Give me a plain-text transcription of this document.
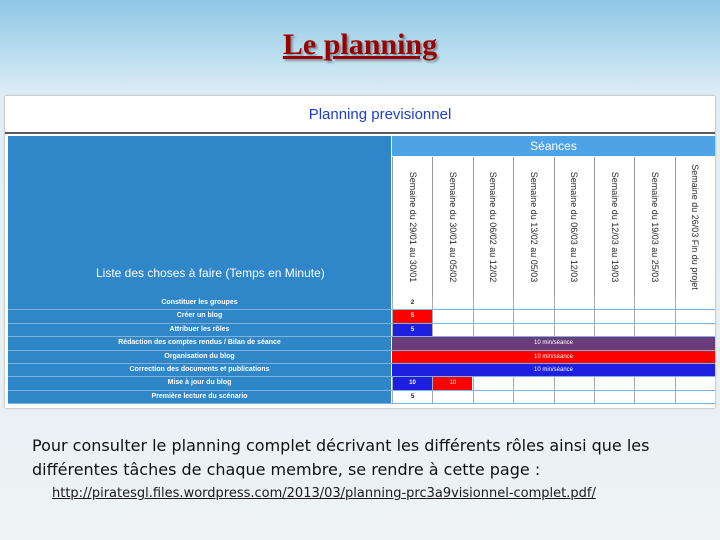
Le planning
Planning previsionnel
Liste des choses à faire (Temps en Minute)
Séances
Semaine du 29/01 au 30/01	Semaine du 30/01 au 05/02	Semaine du 06/02 au 12/02	Semaine du 13/02 au 05/03	Semaine du 06/03 au 12/03	Semaine du 12/03 au 19/03	Semaine du 19/03 au 25/03	Semaine du 26/03 Fin du projet
Constituer les groupes	2
Créer un blog	5
Attribuer les rôles	5
Rédaction des comptes rendus / Bilan de séance	10 min/séance
Organisation du blog	10 min/séance
Correction des documents et publications	10 min/séance
Mise à jour du blog	10	10
Première lecture du scénario	5
Pour consulter le planning complet décrivant les différents rôles ainsi que les différentes tâches de chaque membre, se rendre à cette page :
http://piratesgl.files.wordpress.com/2013/03/planning-prc3a9visionnel-complet.pdf/
